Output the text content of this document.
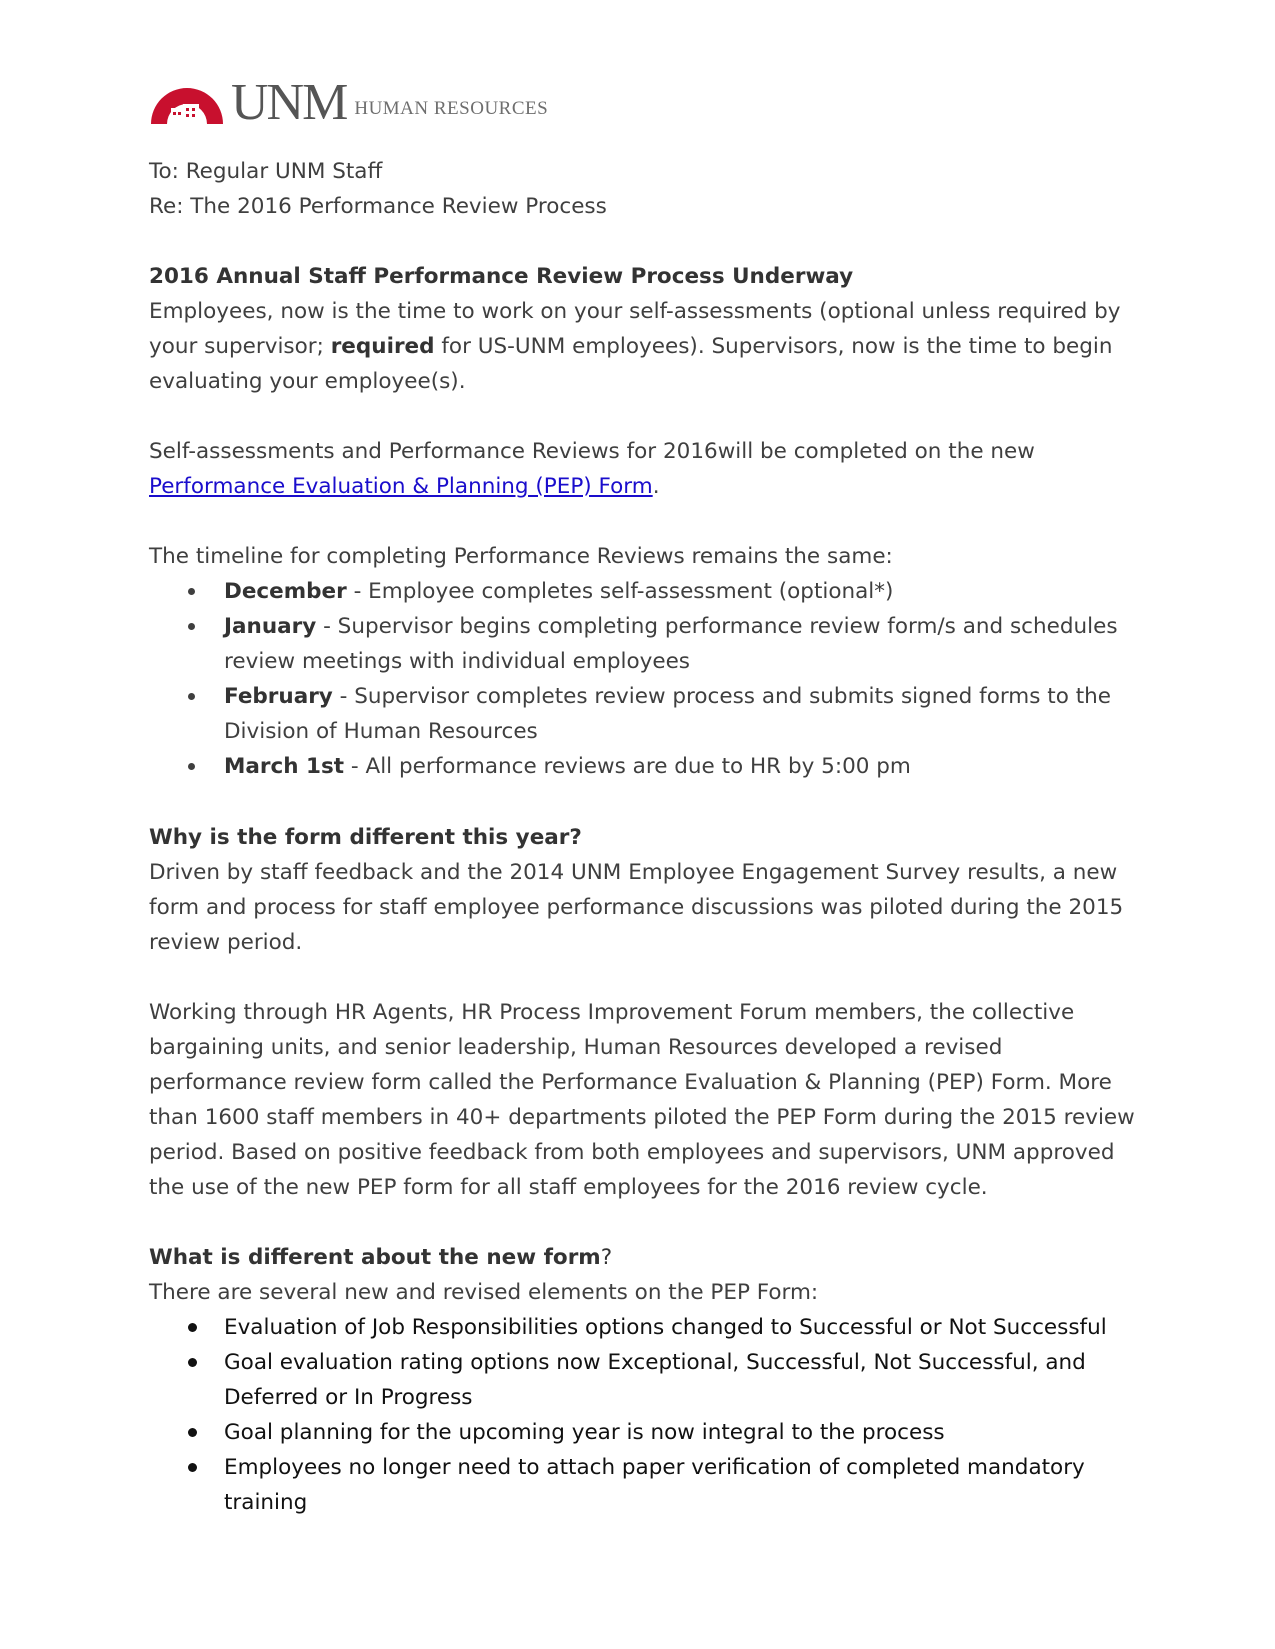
UNM HUMAN RESOURCES
To: Regular UNM Staff
Re: The 2016 Performance Review Process

2016 Annual Staff Performance Review Process Underway

Employees, now is the time to work on your self-assessments (optional unless required by your supervisor; required for US-UNM employees). Supervisors, now is the time to begin evaluating your employee(s).

Self-assessments and Performance Reviews for 2016will be completed on the new Performance Evaluation & Planning (PEP) Form.

The timeline for completing Performance Reviews remains the same:

December - Employee completes self-assessment (optional*)
January - Supervisor begins completing performance review form/s and schedules review meetings with individual employees
February - Supervisor completes review process and submits signed forms to the Division of Human Resources
March 1st - All performance reviews are due to HR by 5:00 pm

Why is the form different this year?

Driven by staff feedback and the 2014 UNM Employee Engagement Survey results, a new form and process for staff employee performance discussions was piloted during the 2015 review period.

Working through HR Agents, HR Process Improvement Forum members, the collective bargaining units, and senior leadership, Human Resources developed a revised performance review form called the Performance Evaluation & Planning (PEP) Form. More than 1600 staff members in 40+ departments piloted the PEP Form during the 2015 review period. Based on positive feedback from both employees and supervisors, UNM approved the use of the new PEP form for all staff employees for the 2016 review cycle.

What is different about the new form?

There are several new and revised elements on the PEP Form:

Evaluation of Job Responsibilities options changed to Successful or Not Successful
Goal evaluation rating options now Exceptional, Successful, Not Successful, and Deferred or In Progress
Goal planning for the upcoming year is now integral to the process
Employees no longer need to attach paper verification of completed mandatory training
